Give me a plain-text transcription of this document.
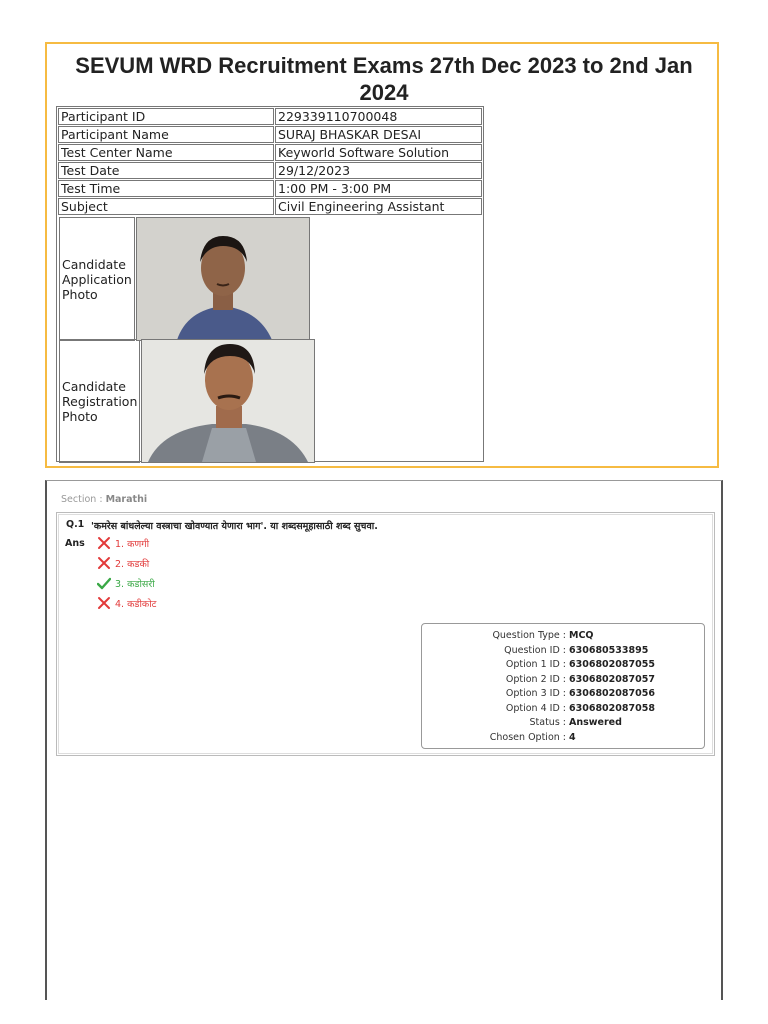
SEVUM WRD Recruitment Exams 27th Dec 2023 to 2nd Jan 2024
Participant ID	229339110700048
Participant Name	SURAJ BHASKAR DESAI
Test Center Name	Keyworld Software Solution
Test Date	29/12/2023
Test Time	1:00 PM - 3:00 PM
Subject	Civil Engineering Assistant

Candidate Application Photo	
Candidate Registration Photo	
Section : Marathi
Q.1 'कमरेस बांधलेल्या वस्त्राचा खोवण्यात येणारा भाग'. या शब्दसमूहासाठी शब्द सुचवा.
Ans	1. कणगी
2. कडकी
3. कडोसरी
4. कडीकोट
Question Type : MCQ
Question ID : 630680533895
Option 1 ID : 6306802087055
Option 2 ID : 6306802087057
Option 3 ID : 6306802087056
Option 4 ID : 6306802087058
Status : Answered
Chosen Option : 4
